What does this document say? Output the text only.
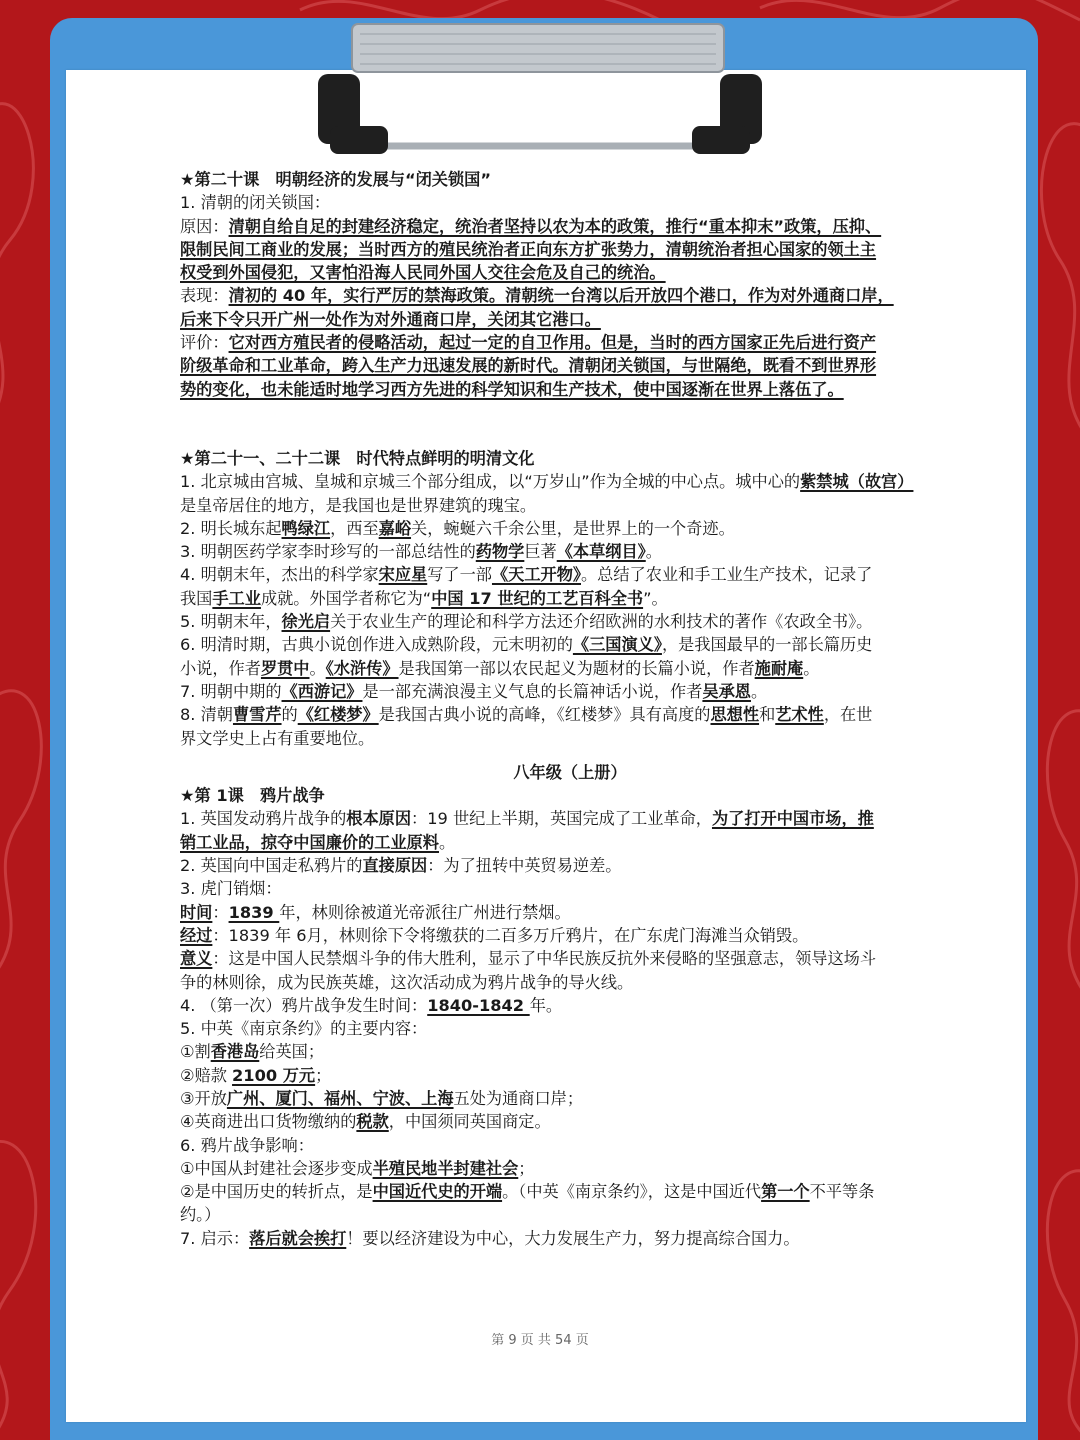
★第二十课　明朝经济的发展与“闭关锁国”

1. 清朝的闭关锁国：

原因：清朝自给自足的封建经济稳定，统治者坚持以农为本的政策，推行“重本抑末”政策，压抑、

限制民间工商业的发展；当时西方的殖民统治者正向东方扩张势力，清朝统治者担心国家的领土主

权受到外国侵犯，又害怕沿海人民同外国人交往会危及自己的统治。

表现：清初的 40 年，实行严厉的禁海政策。清朝统一台湾以后开放四个港口，作为对外通商口岸，

后来下令只开广州一处作为对外通商口岸，关闭其它港口。

评价：它对西方殖民者的侵略活动，起过一定的自卫作用。但是，当时的西方国家正先后进行资产

阶级革命和工业革命，跨入生产力迅速发展的新时代。清朝闭关锁国，与世隔绝，既看不到世界形

势的变化，也未能适时地学习西方先进的科学知识和生产技术，使中国逐渐在世界上落伍了。

★第二十一、二十二课　时代特点鲜明的明清文化

1. 北京城由宫城、皇城和京城三个部分组成，以“万岁山”作为全城的中心点。城中心的紫禁城（故宫）

是皇帝居住的地方，是我国也是世界建筑的瑰宝。

2. 明长城东起鸭绿江，西至嘉峪关，蜿蜒六千余公里，是世界上的一个奇迹。

3. 明朝医药学家李时珍写的一部总结性的药物学巨著《本草纲目》。

4. 明朝末年，杰出的科学家宋应星写了一部《天工开物》。总结了农业和手工业生产技术，记录了

我国手工业成就。外国学者称它为“中国 17 世纪的工艺百科全书”。

5. 明朝末年，徐光启关于农业生产的理论和科学方法还介绍欧洲的水利技术的著作《农政全书》。

6. 明清时期，古典小说创作进入成熟阶段，元末明初的《三国演义》，是我国最早的一部长篇历史

小说，作者罗贯中。《水浒传》是我国第一部以农民起义为题材的长篇小说，作者施耐庵。

7. 明朝中期的《西游记》是一部充满浪漫主义气息的长篇神话小说，作者吴承恩。

8. 清朝曹雪芹的《红楼梦》是我国古典小说的高峰，《红楼梦》具有高度的思想性和艺术性，在世

界文学史上占有重要地位。

八年级（上册）

★第 1课　鸦片战争

1. 英国发动鸦片战争的根本原因：19 世纪上半期，英国完成了工业革命，为了打开中国市场，推

销工业品，掠夺中国廉价的工业原料。

2. 英国向中国走私鸦片的直接原因：为了扭转中英贸易逆差。

3. 虎门销烟：

时间：1839 年，林则徐被道光帝派往广州进行禁烟。

经过：1839 年 6月，林则徐下令将缴获的二百多万斤鸦片，在广东虎门海滩当众销毁。

意义：这是中国人民禁烟斗争的伟大胜利，显示了中华民族反抗外来侵略的坚强意志，领导这场斗

争的林则徐，成为民族英雄，这次活动成为鸦片战争的导火线。

4. （第一次）鸦片战争发生时间：1840-1842 年。

5. 中英《南京条约》的主要内容：

①割香港岛给英国；

②赔款 2100 万元；

③开放广州、厦门、福州、宁波、上海五处为通商口岸；

④英商进出口货物缴纳的税款，中国须同英国商定。

6. 鸦片战争影响：

①中国从封建社会逐步变成半殖民地半封建社会；

②是中国历史的转折点，是中国近代史的开端。（中英《南京条约》，这是中国近代第一个不平等条

约。）

7. 启示：落后就会挨打！要以经济建设为中心，大力发展生产力，努力提高综合国力。

第 9 页 共 54 页
